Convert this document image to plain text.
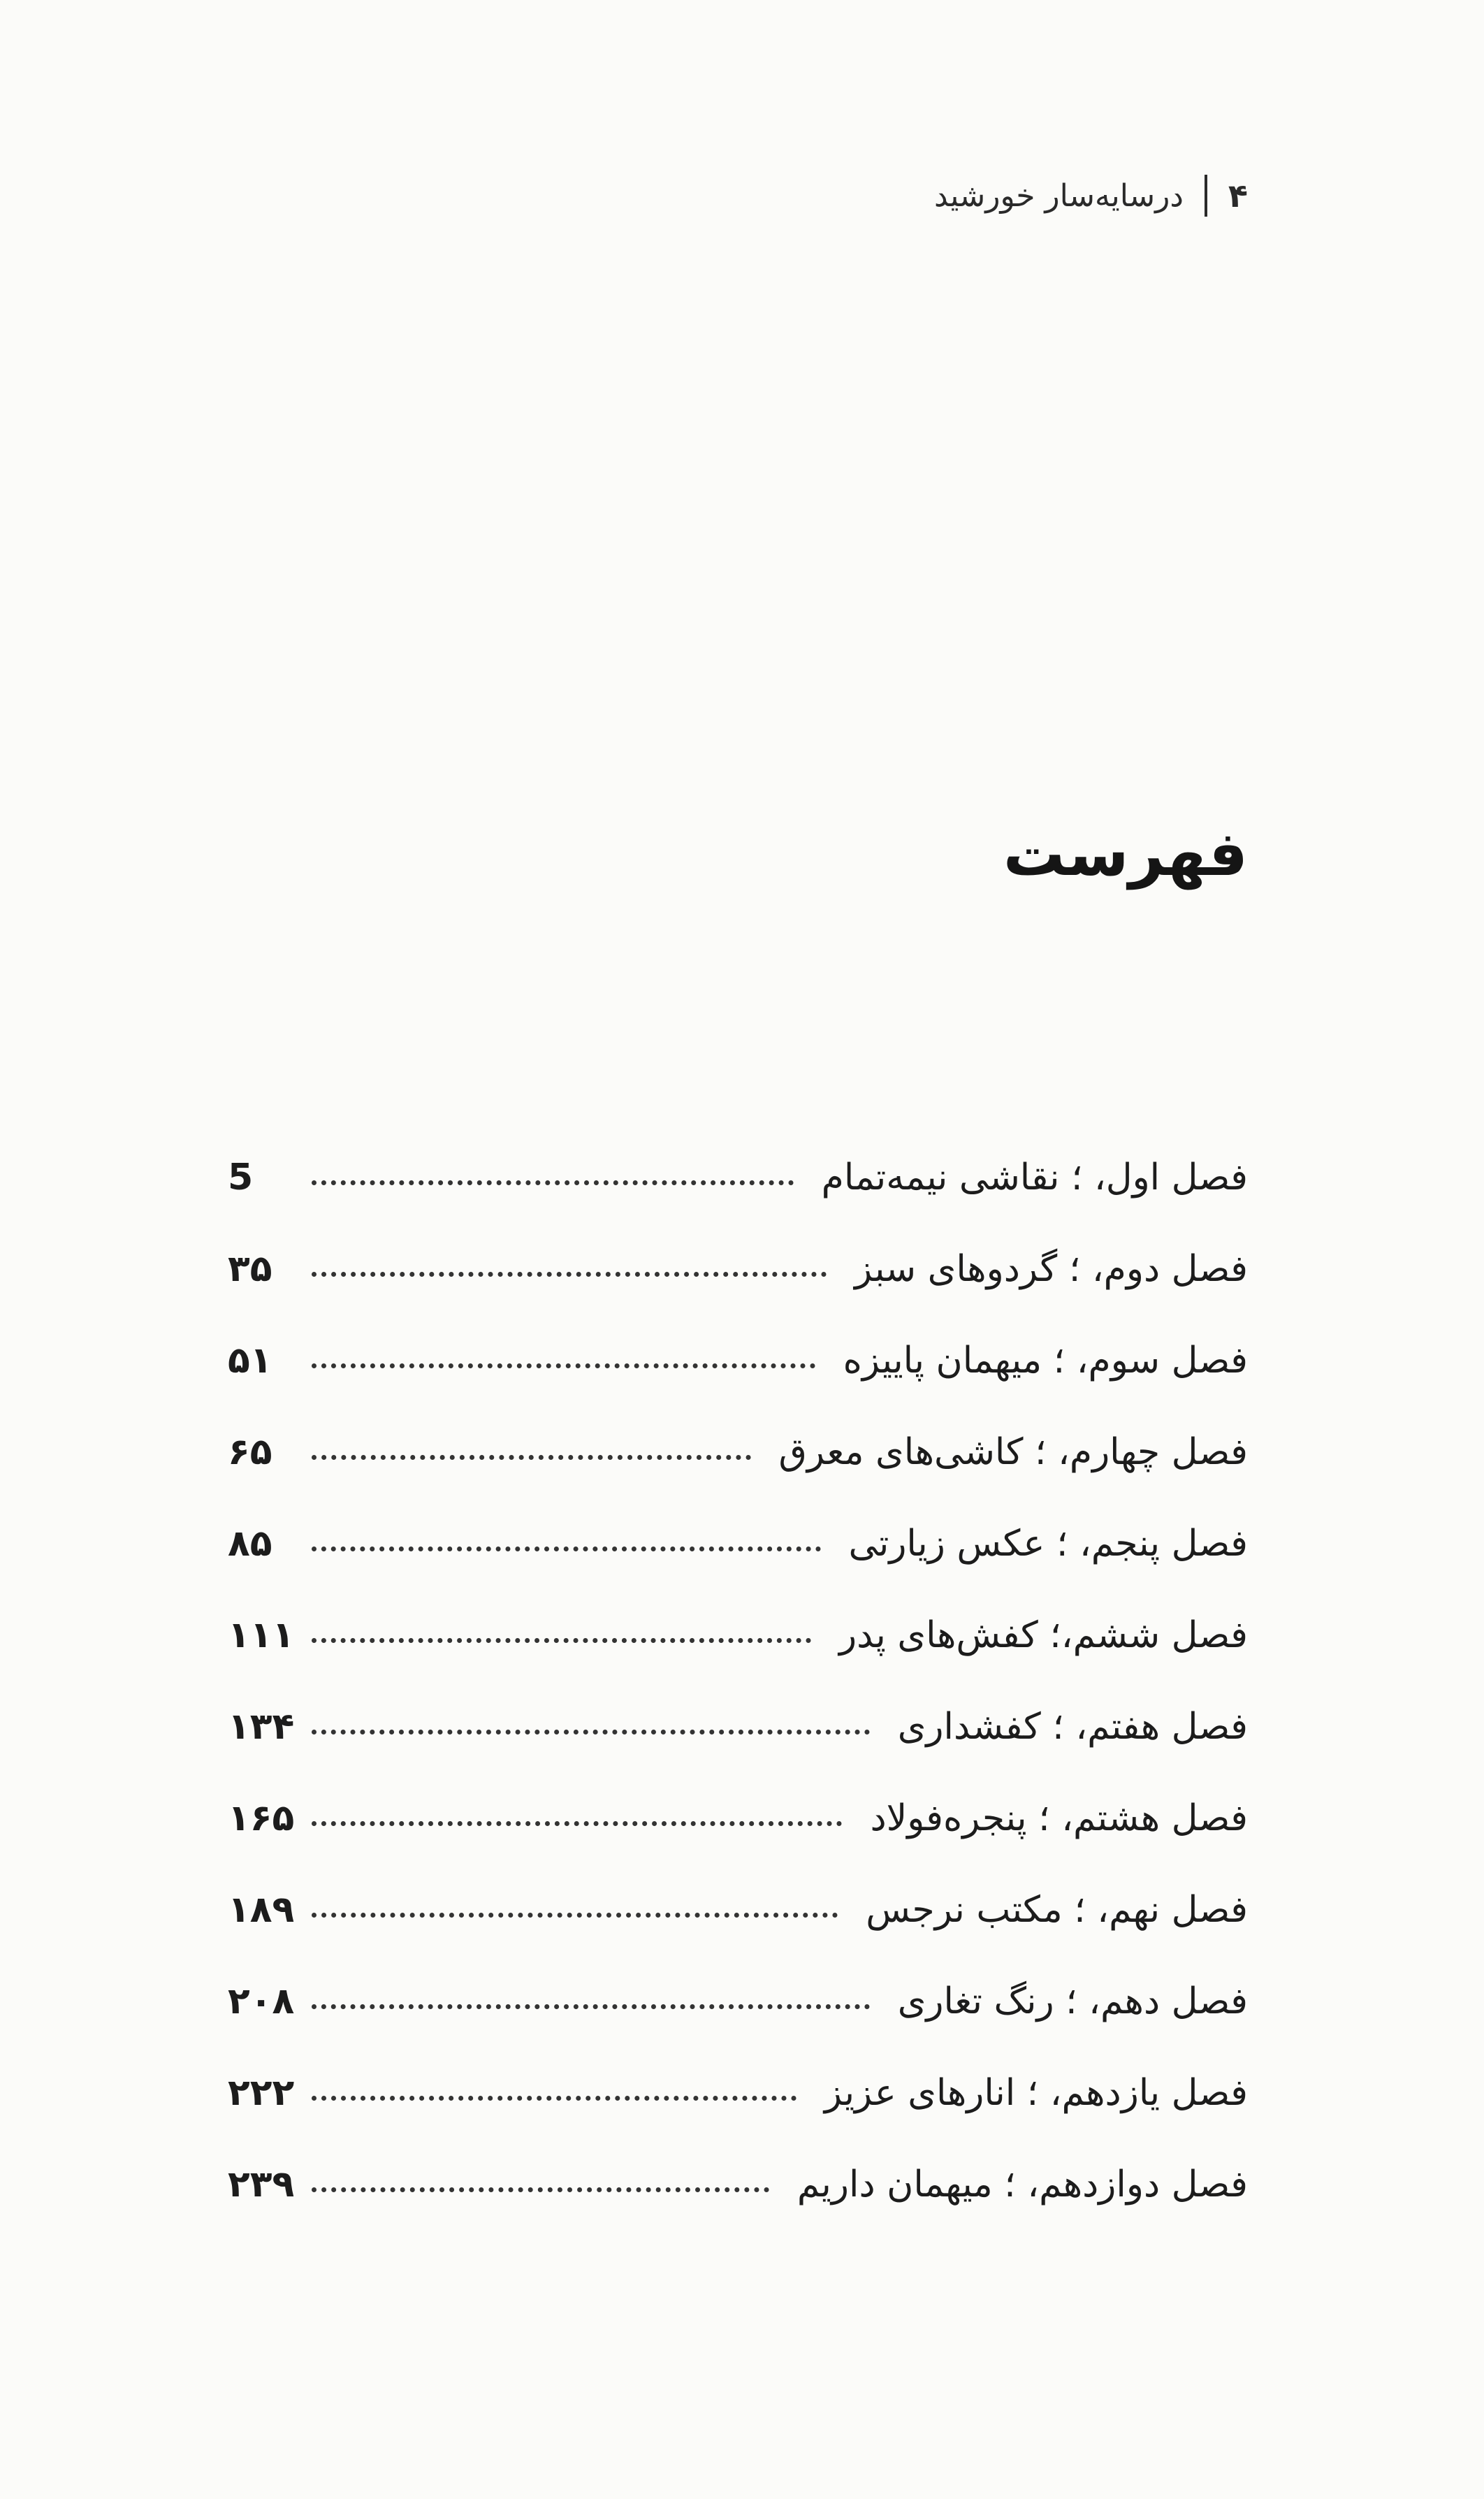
۴
درسایه‌سار خورشید
فهرست
فصل اول، ؛ نقاشی نیمه‌تمام
5
فصل دوم، ؛ گردوهای سبز
۳۵
فصل سوم، ؛ میهمان پاییزه
۵۱
فصل چهارم، ؛ کاشی‌های معرق
۶۵
فصل پنجم، ؛ عکس زیارتی
۸۵
فصل ششم،؛ کفش‌های پدر
۱۱۱
فصل هفتم، ؛ کفشداری
۱۳۴
فصل هشتم، ؛ پنجره‌فولاد
۱۶۵
فصل نهم، ؛ مکتب نرجس
۱۸۹
فصل دهم، ؛ رنگ تغاری
۲۰۸
فصل یازدهم، ؛ انارهای عزیز
۲۲۲
فصل دوازدهم، ؛ میهمان داریم
۲۳۹
